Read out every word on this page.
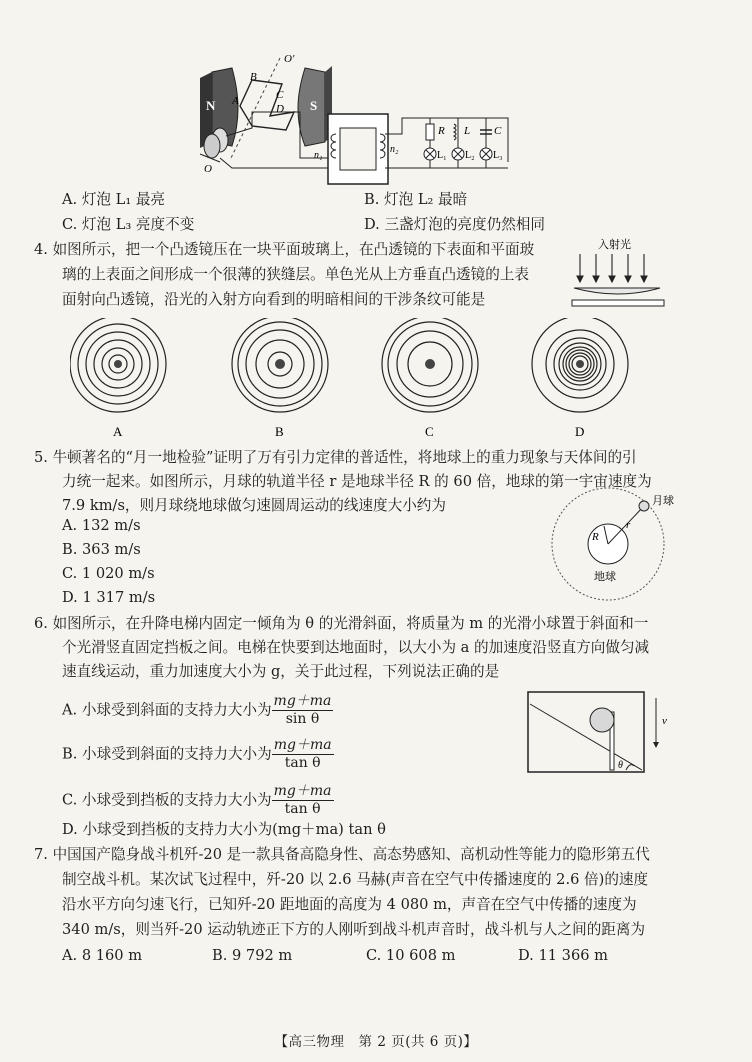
N	S
B
A	C
D
O′
O
n₁
n₂
R L C
L₁ L₂ L₃
A. 灯泡 L₁ 最亮	B. 灯泡 L₂ 最暗
C. 灯泡 L₃ 亮度不变	D. 三盏灯泡的亮度仍然相同
4. 如图所示，把一个凸透镜压在一块平面玻璃上，在凸透镜的下表面和平面玻
璃的上表面之间形成一个很薄的狭缝层。单色光从上方垂直凸透镜的上表
面射向凸透镜，沿光的入射方向看到的明暗相间的干涉条纹可能是
入射光
A	B	C	D
5. 牛顿著名的“月一地检验”证明了万有引力定律的普适性，将地球上的重力现象与天体间的引
力统一起来。如图所示，月球的轨道半径 r 是地球半径 R 的 60 倍，地球的第一宇宙速度为
7.9 km/s，则月球绕地球做匀速圆周运动的线速度大小约为
A. 132 m/s
B. 363 m/s
C. 1 020 m/s
D. 1 317 m/s
月球
地球
r
R
6. 如图所示，在升降电梯内固定一倾角为 θ 的光滑斜面，将质量为 m 的光滑小球置于斜面和一
个光滑竖直固定挡板之间。电梯在快要到达地面时，以大小为 a 的加速度沿竖直方向做匀减
速直线运动，重力加速度大小为 g，关于此过程，下列说法正确的是
A. 小球受到斜面的支持力大小为 $\frac{mg+ma}{\text{sin θ}}$
B. 小球受到斜面的支持力大小为 $\frac{mg+ma}{\text{tan θ}}$
C. 小球受到挡板的支持力大小为 $\frac{mg+ma}{\text{tan θ}}$
D. 小球受到挡板的支持力大小为(mg＋ma) tan θ
θ
v
7. 中国国产隐身战斗机歼-20 是一款具备高隐身性、高态势感知、高机动性等能力的隐形第五代
制空战斗机。某次试飞过程中，歼-20 以 2.6 马赫(声音在空气中传播速度的 2.6 倍)的速度
沿水平方向匀速飞行，已知歼-20 距地面的高度为 4 080 m，声音在空气中传播的速度为
340 m/s，则当歼-20 运动轨迹正下方的人刚听到战斗机声音时，战斗机与人之间的距离为
A. 8 160 m	B. 9 792 m	C. 10 608 m	D. 11 366 m
【高三物理　第 2 页(共 6 页)】
